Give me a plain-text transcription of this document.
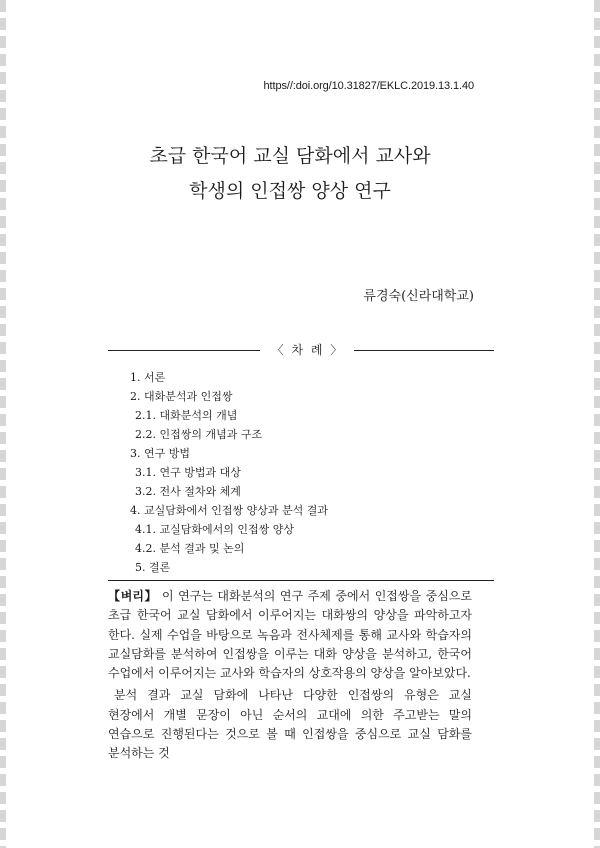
https//:doi.org/10.31827/EKLC.2019.13.1.40
초급 한국어 교실 담화에서 교사와
학생의 인접쌍 양상 연구
류경숙(신라대학교)
〈 차 례 〉
1. 서론
2. 대화분석과 인접쌍
2.1. 대화분석의 개념
2.2. 인접쌍의 개념과 구조
3. 연구 방법
3.1. 연구 방법과 대상
3.2. 전사 절차와 체계
4. 교실담화에서 인접쌍 양상과 분석 결과
4.1. 교실담화에서의 인접쌍 양상
4.2. 분석 결과 및 논의
5. 결론

【벼리】 이 연구는 대화분석의 연구 주제 중에서 인접쌍을 중심으로 초급 한국어 교실 담화에서 이루어지는 대화쌍의 양상을 파악하고자 한다. 실제 수업을 바탕으로 녹음과 전사체제를 통해 교사와 학습자의 교실담화를 분석하여 인접쌍을 이루는 대화 양상을 분석하고, 한국어 수업에서 이루어지는 교사와 학습자의 상호작용의 양상을 알아보았다.

분석 결과 교실 담화에 나타난 다양한 인접쌍의 유형은 교실 현장에서 개별 문장이 아닌 순서의 교대에 의한 주고받는 말의 연습으로 진행된다는 것으로 볼 때 인접쌍을 중심으로 교실 담화를 분석하는 것
